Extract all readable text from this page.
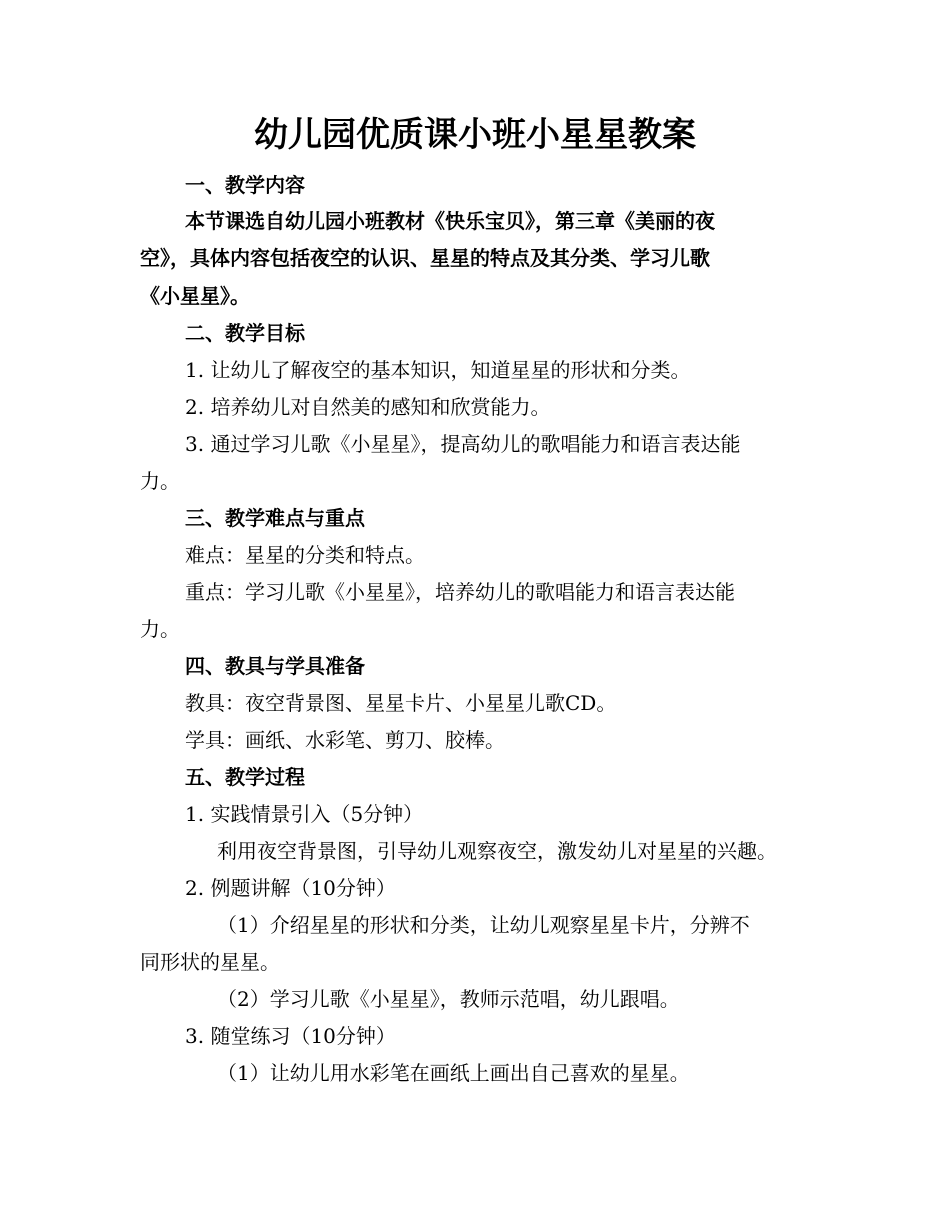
幼儿园优质课小班小星星教案
一、教学内容
本节课选自幼儿园小班教材《快乐宝贝》，第三章《美丽的夜
空》，具体内容包括夜空的认识、星星的特点及其分类、学习儿歌
《小星星》。
二、教学目标
1. 让幼儿了解夜空的基本知识，知道星星的形状和分类。
2. 培养幼儿对自然美的感知和欣赏能力。
3. 通过学习儿歌《小星星》，提高幼儿的歌唱能力和语言表达能
力。
三、教学难点与重点
难点：星星的分类和特点。
重点：学习儿歌《小星星》，培养幼儿的歌唱能力和语言表达能
力。
四、教具与学具准备
教具：夜空背景图、星星卡片、小星星儿歌CD。
学具：画纸、水彩笔、剪刀、胶棒。
五、教学过程
1. 实践情景引入（5分钟）
利用夜空背景图，引导幼儿观察夜空，激发幼儿对星星的兴趣。
2. 例题讲解（10分钟）
（1）介绍星星的形状和分类，让幼儿观察星星卡片，分辨不
同形状的星星。
（2）学习儿歌《小星星》，教师示范唱，幼儿跟唱。
3. 随堂练习（10分钟）
（1）让幼儿用水彩笔在画纸上画出自己喜欢的星星。
